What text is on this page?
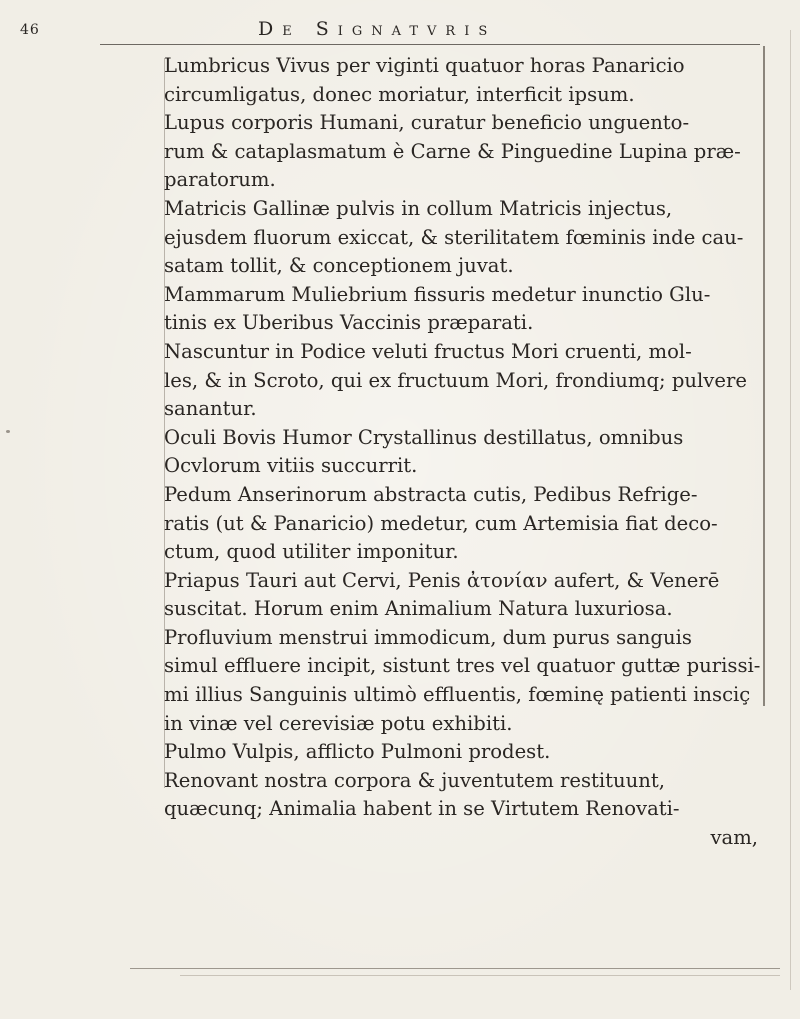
46	De Signatvris
Lumbricus Vivus per viginti quatuor horas Panaricio
circumligatus, donec moriatur, interficit ipsum.
Lupus corporis Humani, curatur beneficio unguento-
rum & cataplasmatum è Carne & Pinguedine Lupina præ-
paratorum.
Matricis Gallinæ pulvis in collum Matricis injectus,
ejusdem fluorum exiccat, & sterilitatem fœminis inde cau-
satam tollit, & conceptionem juvat.
Mammarum Muliebrium fissuris medetur inunctio Glu-
tinis ex Uberibus Vaccinis præparati.
Nascuntur in Podice veluti fructus Mori cruenti, mol-
les, & in Scroto, qui ex fructuum Mori, frondiumq; pulvere
sanantur.
Oculi Bovis Humor Crystallinus destillatus, omnibus
Ocvlorum vitiis succurrit.
Pedum Anserinorum abstracta cutis, Pedibus Refrige-
ratis (ut & Panaricio) medetur, cum Artemisia fiat deco-
ctum, quod utiliter imponitur.
Priapus Tauri aut Cervi, Penis ἀτονίαν aufert, & Venerē
suscitat. Horum enim Animalium Natura luxuriosa.
Profluvium menstrui immodicum, dum purus sanguis
simul effluere incipit, sistunt tres vel quatuor guttæ purissi-
mi illius Sanguinis ultimò effluentis, fœminę patienti insciç
in vinæ vel cerevisiæ potu exhibiti.
Pulmo Vulpis, afflicto Pulmoni prodest.
Renovant nostra corpora & juventutem restituunt,
quæcunq; Animalia habent in se Virtutem Renovati-
vam,
